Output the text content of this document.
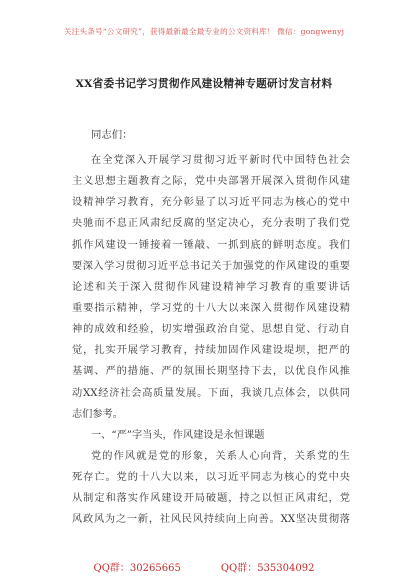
关注头条号“公文研究”，获得最新最全最专业的公文资料库！ 微信：gongwenyj
XX省委书记学习贯彻作风建设精神专题研讨发言材料
同志们：
在全党深入开展学习贯彻习近平新时代中国特色社会
主义思想主题教育之际，党中央部署开展深入贯彻作风建
设精神学习教育，充分彰显了以习近平同志为核心的党中
央驰而不息正风肃纪反腐的坚定决心，充分表明了我们党
抓作风建设一锤接着一锤敲、一抓到底的鲜明态度。我们
要深入学习贯彻习近平总书记关于加强党的作风建设的重要
论述和关于深入贯彻作风建设精神学习教育的重要讲话
重要指示精神，学习党的十八大以来深入贯彻作风建设精
神的成效和经验，切实增强政治自觉、思想自觉、行动自
觉，扎实开展学习教育，持续加固作风建设堤坝，把严的
基调、严的措施、严的氛围长期坚持下去，以优良作风推
动XX经济社会高质量发展。下面，我谈几点体会，以供同
志们参考。
一、“严”字当头，作风建设是永恒课题
党的作风就是党的形象，关系人心向背，关系党的生
死存亡。党的十八大以来，以习近平同志为核心的党中央
从制定和落实作风建设开局破题，持之以恒正风肃纪，党
风政风为之一新，社风民风持续向上向善。XX坚决贯彻落
QQ群：30265665	QQ群：535304092
